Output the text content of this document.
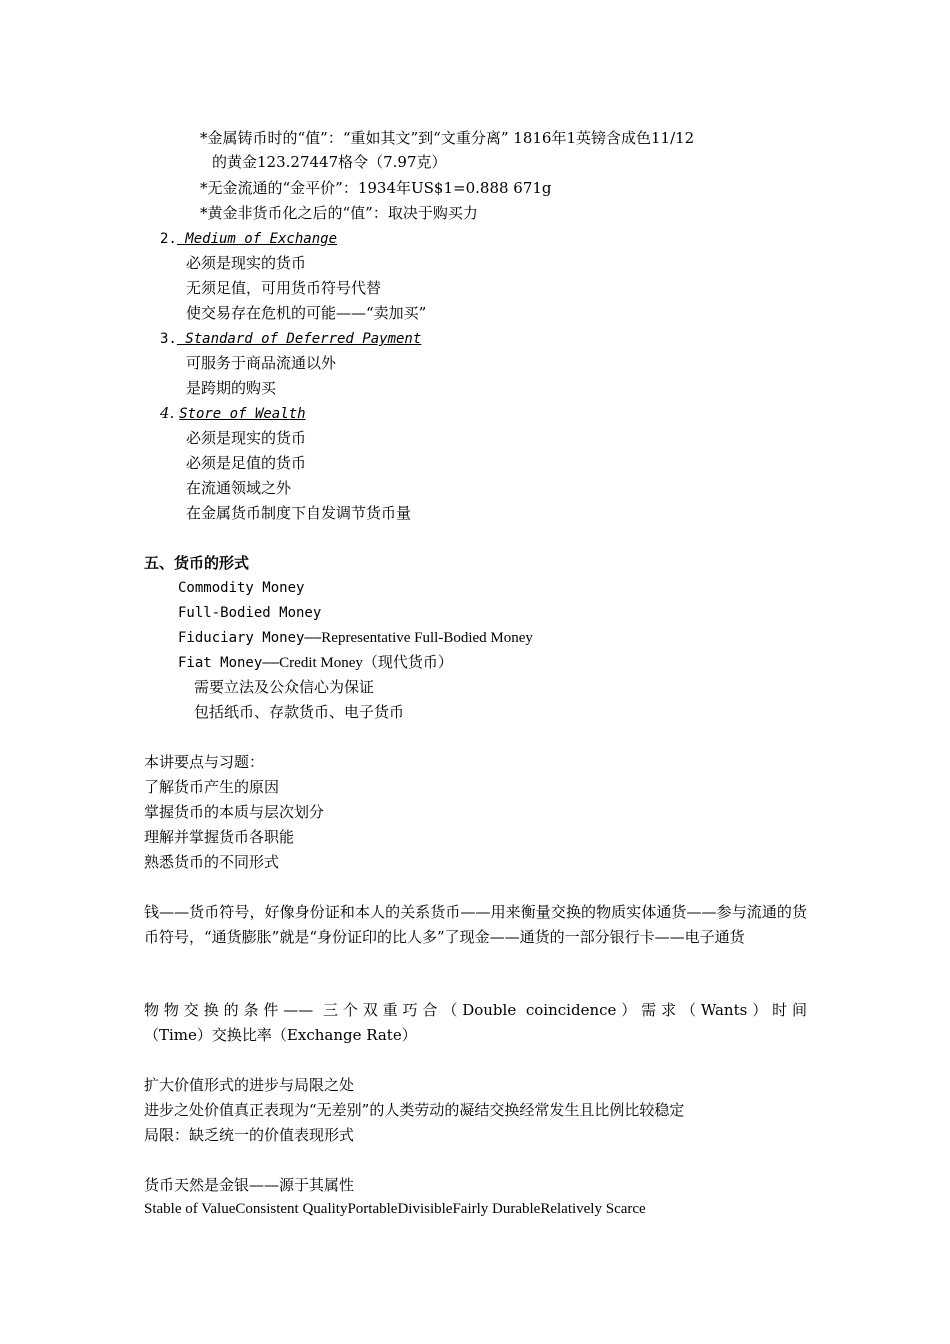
*金属铸币时的“值”：“重如其文”到“文重分离” 1816年1英镑含成色11/12
的黄金123.27447格令（7.97克）
*无金流通的“金平价”：1934年US$1=0.888 671g
*黄金非货币化之后的“值”：取决于购买力
2. Medium of Exchange
必须是现实的货币
无须足值，可用货币符号代替
使交易存在危机的可能——“卖加买”
3. Standard of Deferred Payment
可服务于商品流通以外
是跨期的购买
4. Store of Wealth
必须是现实的货币
必须是足值的货币
在流通领域之外
在金属货币制度下自发调节货币量
五、货币的形式
Commodity Money
Full-Bodied Money
Fiduciary Money——Representative Full-Bodied Money
Fiat Money——Credit Money（现代货币）
需要立法及公众信心为保证
包括纸币、存款货币、电子货币
本讲要点与习题：
了解货币产生的原因
掌握货币的本质与层次划分
理解并掌握货币各职能
熟悉货币的不同形式
钱——货币符号，好像身份证和本人的关系货币——用来衡量交换的物质实体通货——参与流通的货币符号，“通货膨胀”就是“身份证印的比人多”了现金——通货的一部分银行卡——电子通货
物物交换的条件—— 三个双重巧合（Double coincidence）需求（Wants）时间
（Time）交换比率（Exchange Rate）
扩大价值形式的进步与局限之处
进步之处价值真正表现为“无差别”的人类劳动的凝结交换经常发生且比例比较稳定
局限：缺乏统一的价值表现形式
货币天然是金银——源于其属性
Stable of ValueConsistent QualityPortableDivisibleFairly DurableRelatively Scarce
